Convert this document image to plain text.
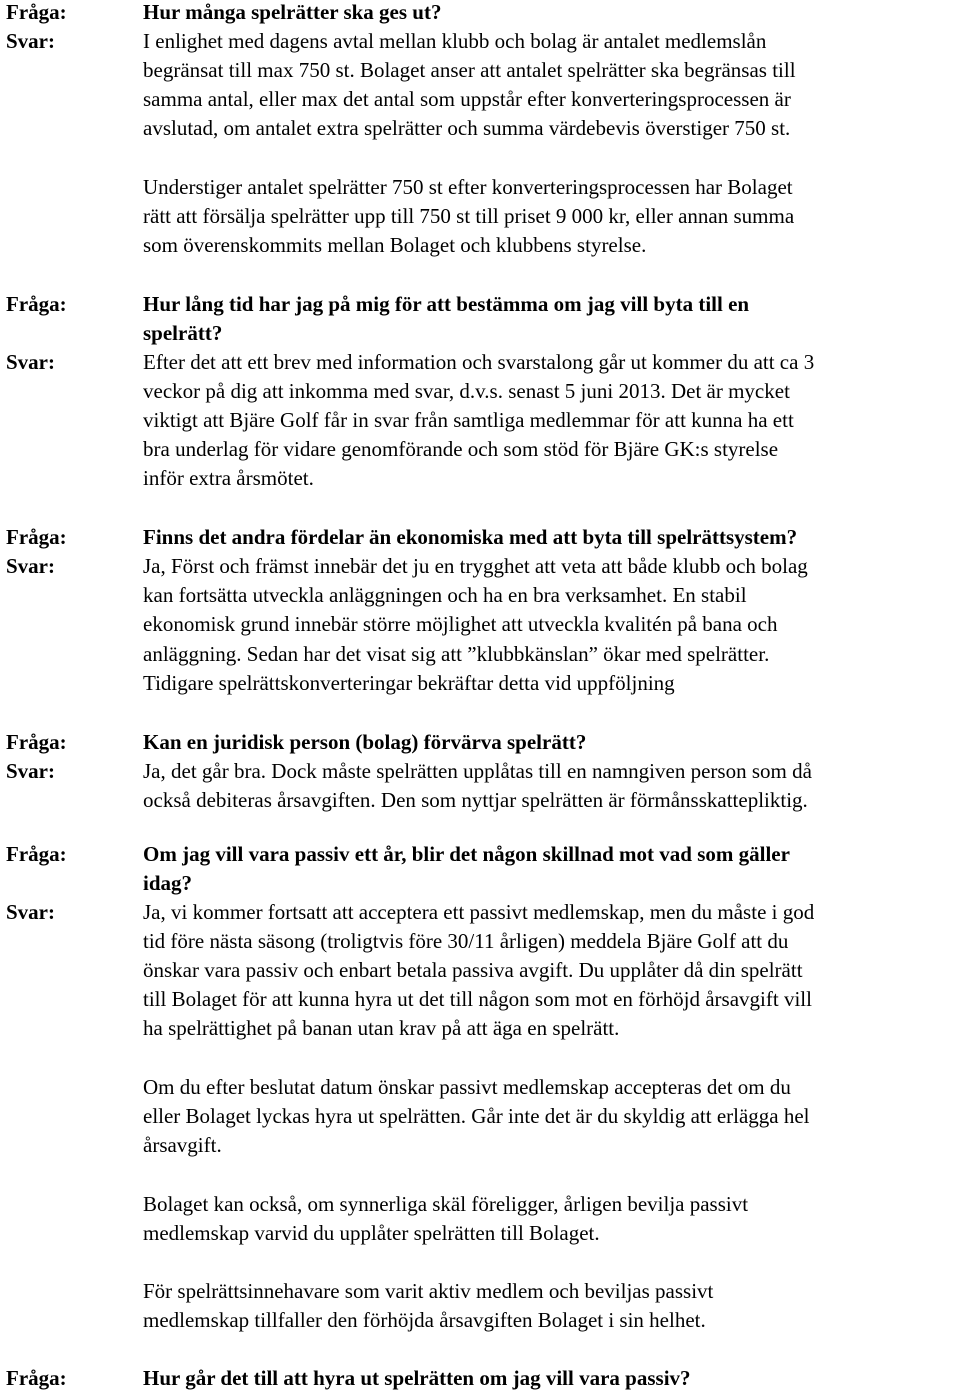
Fråga:
Svar:
Fråga:
Svar:
Fråga:
Svar:
Fråga:
Svar:
Fråga:
Svar:
Fråga:
Hur många spelrätter ska ges ut?
I enlighet med dagens avtal mellan klubb och bolag är antalet medlemslån
begränsat till max 750 st. Bolaget anser att antalet spelrätter ska begränsas till
samma antal, eller max det antal som uppstår efter konverteringsprocessen är
avslutad, om antalet extra spelrätter och summa värdebevis överstiger 750 st.
Understiger antalet spelrätter 750 st efter konverteringsprocessen har Bolaget
rätt att försälja spelrätter upp till 750 st till priset 9 000 kr, eller annan summa
som överenskommits mellan Bolaget och klubbens styrelse.
Hur lång tid har jag på mig för att bestämma om jag vill byta till en
spelrätt?
Efter det att ett brev med information och svarstalong går ut kommer du att ca 3
veckor på dig att inkomma med svar, d.v.s. senast 5 juni 2013. Det är mycket
viktigt att Bjäre Golf får in svar från samtliga medlemmar för att kunna ha ett
bra underlag för vidare genomförande och som stöd för Bjäre GK:s styrelse
inför extra årsmötet.
Finns det andra fördelar än ekonomiska med att byta till spelrättsystem?
Ja, Först och främst innebär det ju en trygghet att veta att både klubb och bolag
kan fortsätta utveckla anläggningen och ha en bra verksamhet. En stabil
ekonomisk grund innebär större möjlighet att utveckla kvalitén på bana och
anläggning. Sedan har det visat sig att ”klubbkänslan” ökar med spelrätter.
Tidigare spelrättskonverteringar bekräftar detta vid uppföljning
Kan en juridisk person (bolag) förvärva spelrätt?
Ja, det går bra. Dock måste spelrätten upplåtas till en namngiven person som då
också debiteras årsavgiften. Den som nyttjar spelrätten är förmånsskattepliktig.
Om jag vill vara passiv ett år, blir det någon skillnad mot vad som gäller
idag?
Ja, vi kommer fortsatt att acceptera ett passivt medlemskap, men du måste i god
tid före nästa säsong (troligtvis före 30/11 årligen) meddela Bjäre Golf att du
önskar vara passiv och enbart betala passiva avgift. Du upplåter då din spelrätt
till Bolaget för att kunna hyra ut det till någon som mot en förhöjd årsavgift vill
ha spelrättighet på banan utan krav på att äga en spelrätt.
Om du efter beslutat datum önskar passivt medlemskap accepteras det om du
eller Bolaget lyckas hyra ut spelrätten. Går inte det är du skyldig att erlägga hel
årsavgift.
Bolaget kan också, om synnerliga skäl föreligger, årligen bevilja passivt
medlemskap varvid du upplåter spelrätten till Bolaget.
För spelrättsinnehavare som varit aktiv medlem och beviljas passivt
medlemskap tillfaller den förhöjda årsavgiften Bolaget i sin helhet.
Hur går det till att hyra ut spelrätten om jag vill vara passiv?
